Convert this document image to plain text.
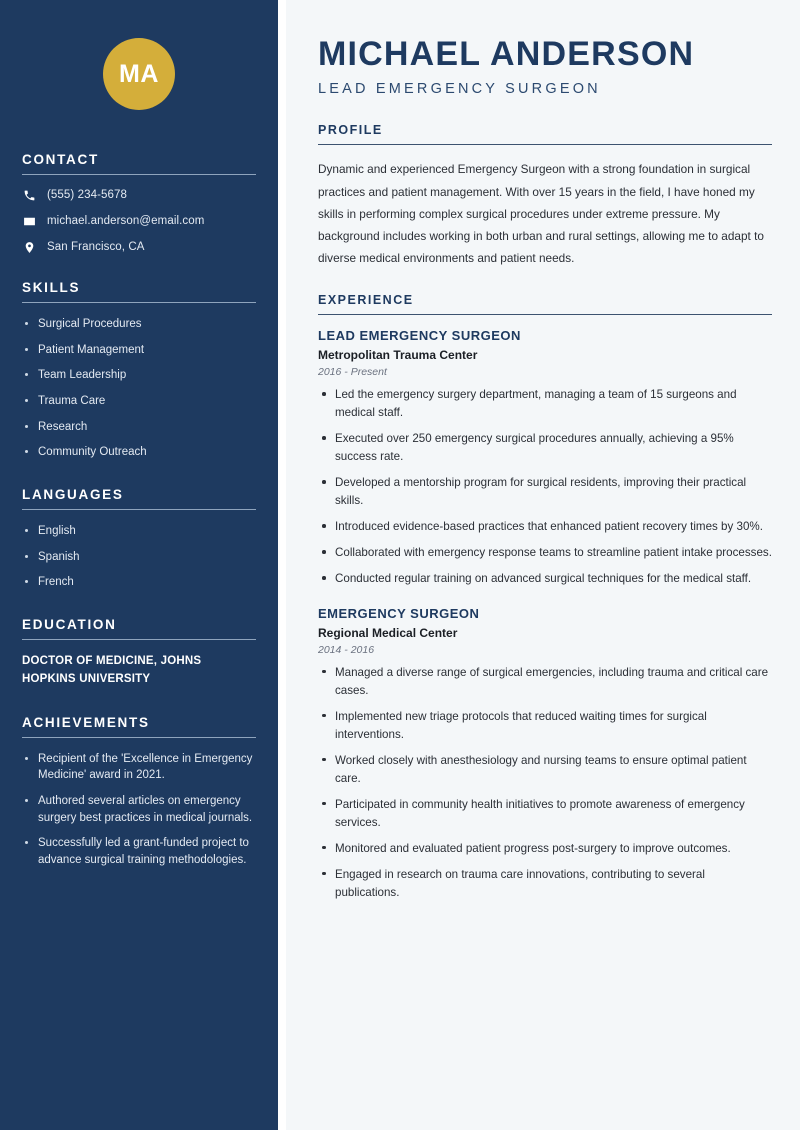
MA
CONTACT
(555) 234-5678
michael.anderson@email.com
San Francisco, CA
SKILLS
Surgical Procedures
Patient Management
Team Leadership
Trauma Care
Research
Community Outreach
LANGUAGES
English
Spanish
French
EDUCATION
DOCTOR OF MEDICINE, JOHNS HOPKINS UNIVERSITY
ACHIEVEMENTS
Recipient of the 'Excellence in Emergency Medicine' award in 2021.
Authored several articles on emergency surgery best practices in medical journals.
Successfully led a grant-funded project to advance surgical training methodologies.
MICHAEL ANDERSON
LEAD EMERGENCY SURGEON
PROFILE

Dynamic and experienced Emergency Surgeon with a strong foundation in surgical practices and patient management. With over 15 years in the field, I have honed my skills in performing complex surgical procedures under extreme pressure. My background includes working in both urban and rural settings, allowing me to adapt to diverse medical environments and patient needs.

EXPERIENCE
LEAD EMERGENCY SURGEON
Metropolitan Trauma Center
2016 - Present
Led the emergency surgery department, managing a team of 15 surgeons and medical staff.
Executed over 250 emergency surgical procedures annually, achieving a 95% success rate.
Developed a mentorship program for surgical residents, improving their practical skills.
Introduced evidence-based practices that enhanced patient recovery times by 30%.
Collaborated with emergency response teams to streamline patient intake processes.
Conducted regular training on advanced surgical techniques for the medical staff.
EMERGENCY SURGEON
Regional Medical Center
2014 - 2016
Managed a diverse range of surgical emergencies, including trauma and critical care cases.
Implemented new triage protocols that reduced waiting times for surgical interventions.
Worked closely with anesthesiology and nursing teams to ensure optimal patient care.
Participated in community health initiatives to promote awareness of emergency services.
Monitored and evaluated patient progress post-surgery to improve outcomes.
Engaged in research on trauma care innovations, contributing to several publications.
